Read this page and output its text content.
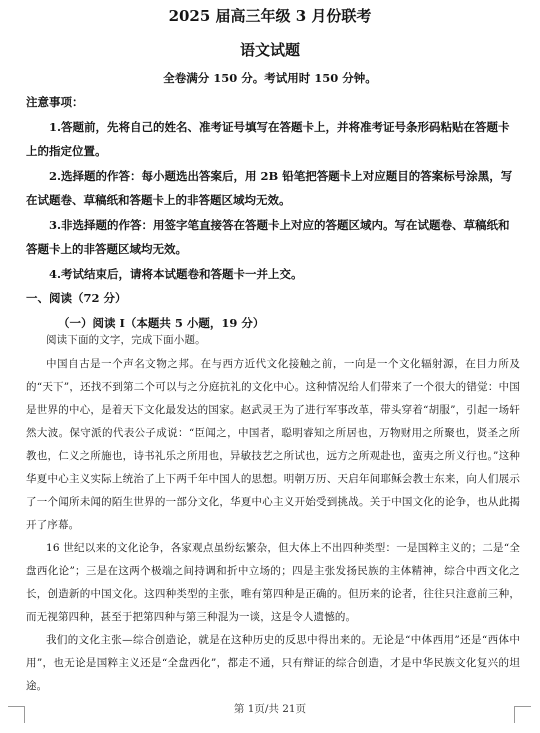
2025 届高三年级 3 月份联考
语文试题
全卷满分 150 分。考试用时 150 分钟。

注意事项：

1.答题前，先将自己的姓名、准考证号填写在答题卡上，并将准考证号条形码粘贴在答题卡上的指定位置。

2.选择题的作答：每小题选出答案后，用 2B 铅笔把答题卡上对应题目的答案标号涂黑，写在试题卷、草稿纸和答题卡上的非答题区域均无效。

3.非选择题的作答：用签字笔直接答在答题卡上对应的答题区域内。写在试题卷、草稿纸和答题卡上的非答题区域均无效。

4.考试结束后，请将本试题卷和答题卡一并上交。

一、阅读（72 分）

（一）阅读 I（本题共 5 小题，19 分）

阅读下面的文字，完成下面小题。

中国自古是一个声名文物之邦。在与西方近代文化接触之前，一向是一个文化辐射源，在目力所及的“天下”，还找不到第二个可以与之分庭抗礼的文化中心。这种情况给人们带来了一个很大的错觉：中国是世界的中心，是着天下文化最发达的国家。赵武灵王为了进行军事改革，带头穿着“胡服”，引起一场轩然大波。保守派的代表公子成说：“臣闻之，中国者，聪明睿知之所居也，万物财用之所聚也，贤圣之所教也，仁义之所施也，诗书礼乐之所用也，异敏技艺之所试也，远方之所观赴也，蛮夷之所义行也。”这种华夏中心主义实际上统治了上下两千年中国人的思想。明朝万历、天启年间耶稣会教士东来，向人们展示了一个闻所未闻的陌生世界的一部分文化，华夏中心主义开始受到挑战。关于中国文化的论争，也从此揭开了序幕。

16 世纪以来的文化论争，各家观点虽纷纭繁杂，但大体上不出四种类型：一是国粹主义的；二是“全盘西化论”；三是在这两个极端之间持调和折中立场的；四是主张发扬民族的主体精神，综合中西文化之长，创造新的中国文化。这四种类型的主张，唯有第四种是正确的。但历来的论者，往往只注意前三种，而无视第四种，甚至于把第四种与第三种混为一谈，这是令人遗憾的。

我们的文化主张—综合创造论，就是在这种历史的反思中得出来的。无论是“中体西用”还是“西体中用”，也无论是国粹主义还是“全盘西化”，都走不通，只有辩证的综合创造，才是中华民族文化复兴的坦途。

第 1页/共 21页
